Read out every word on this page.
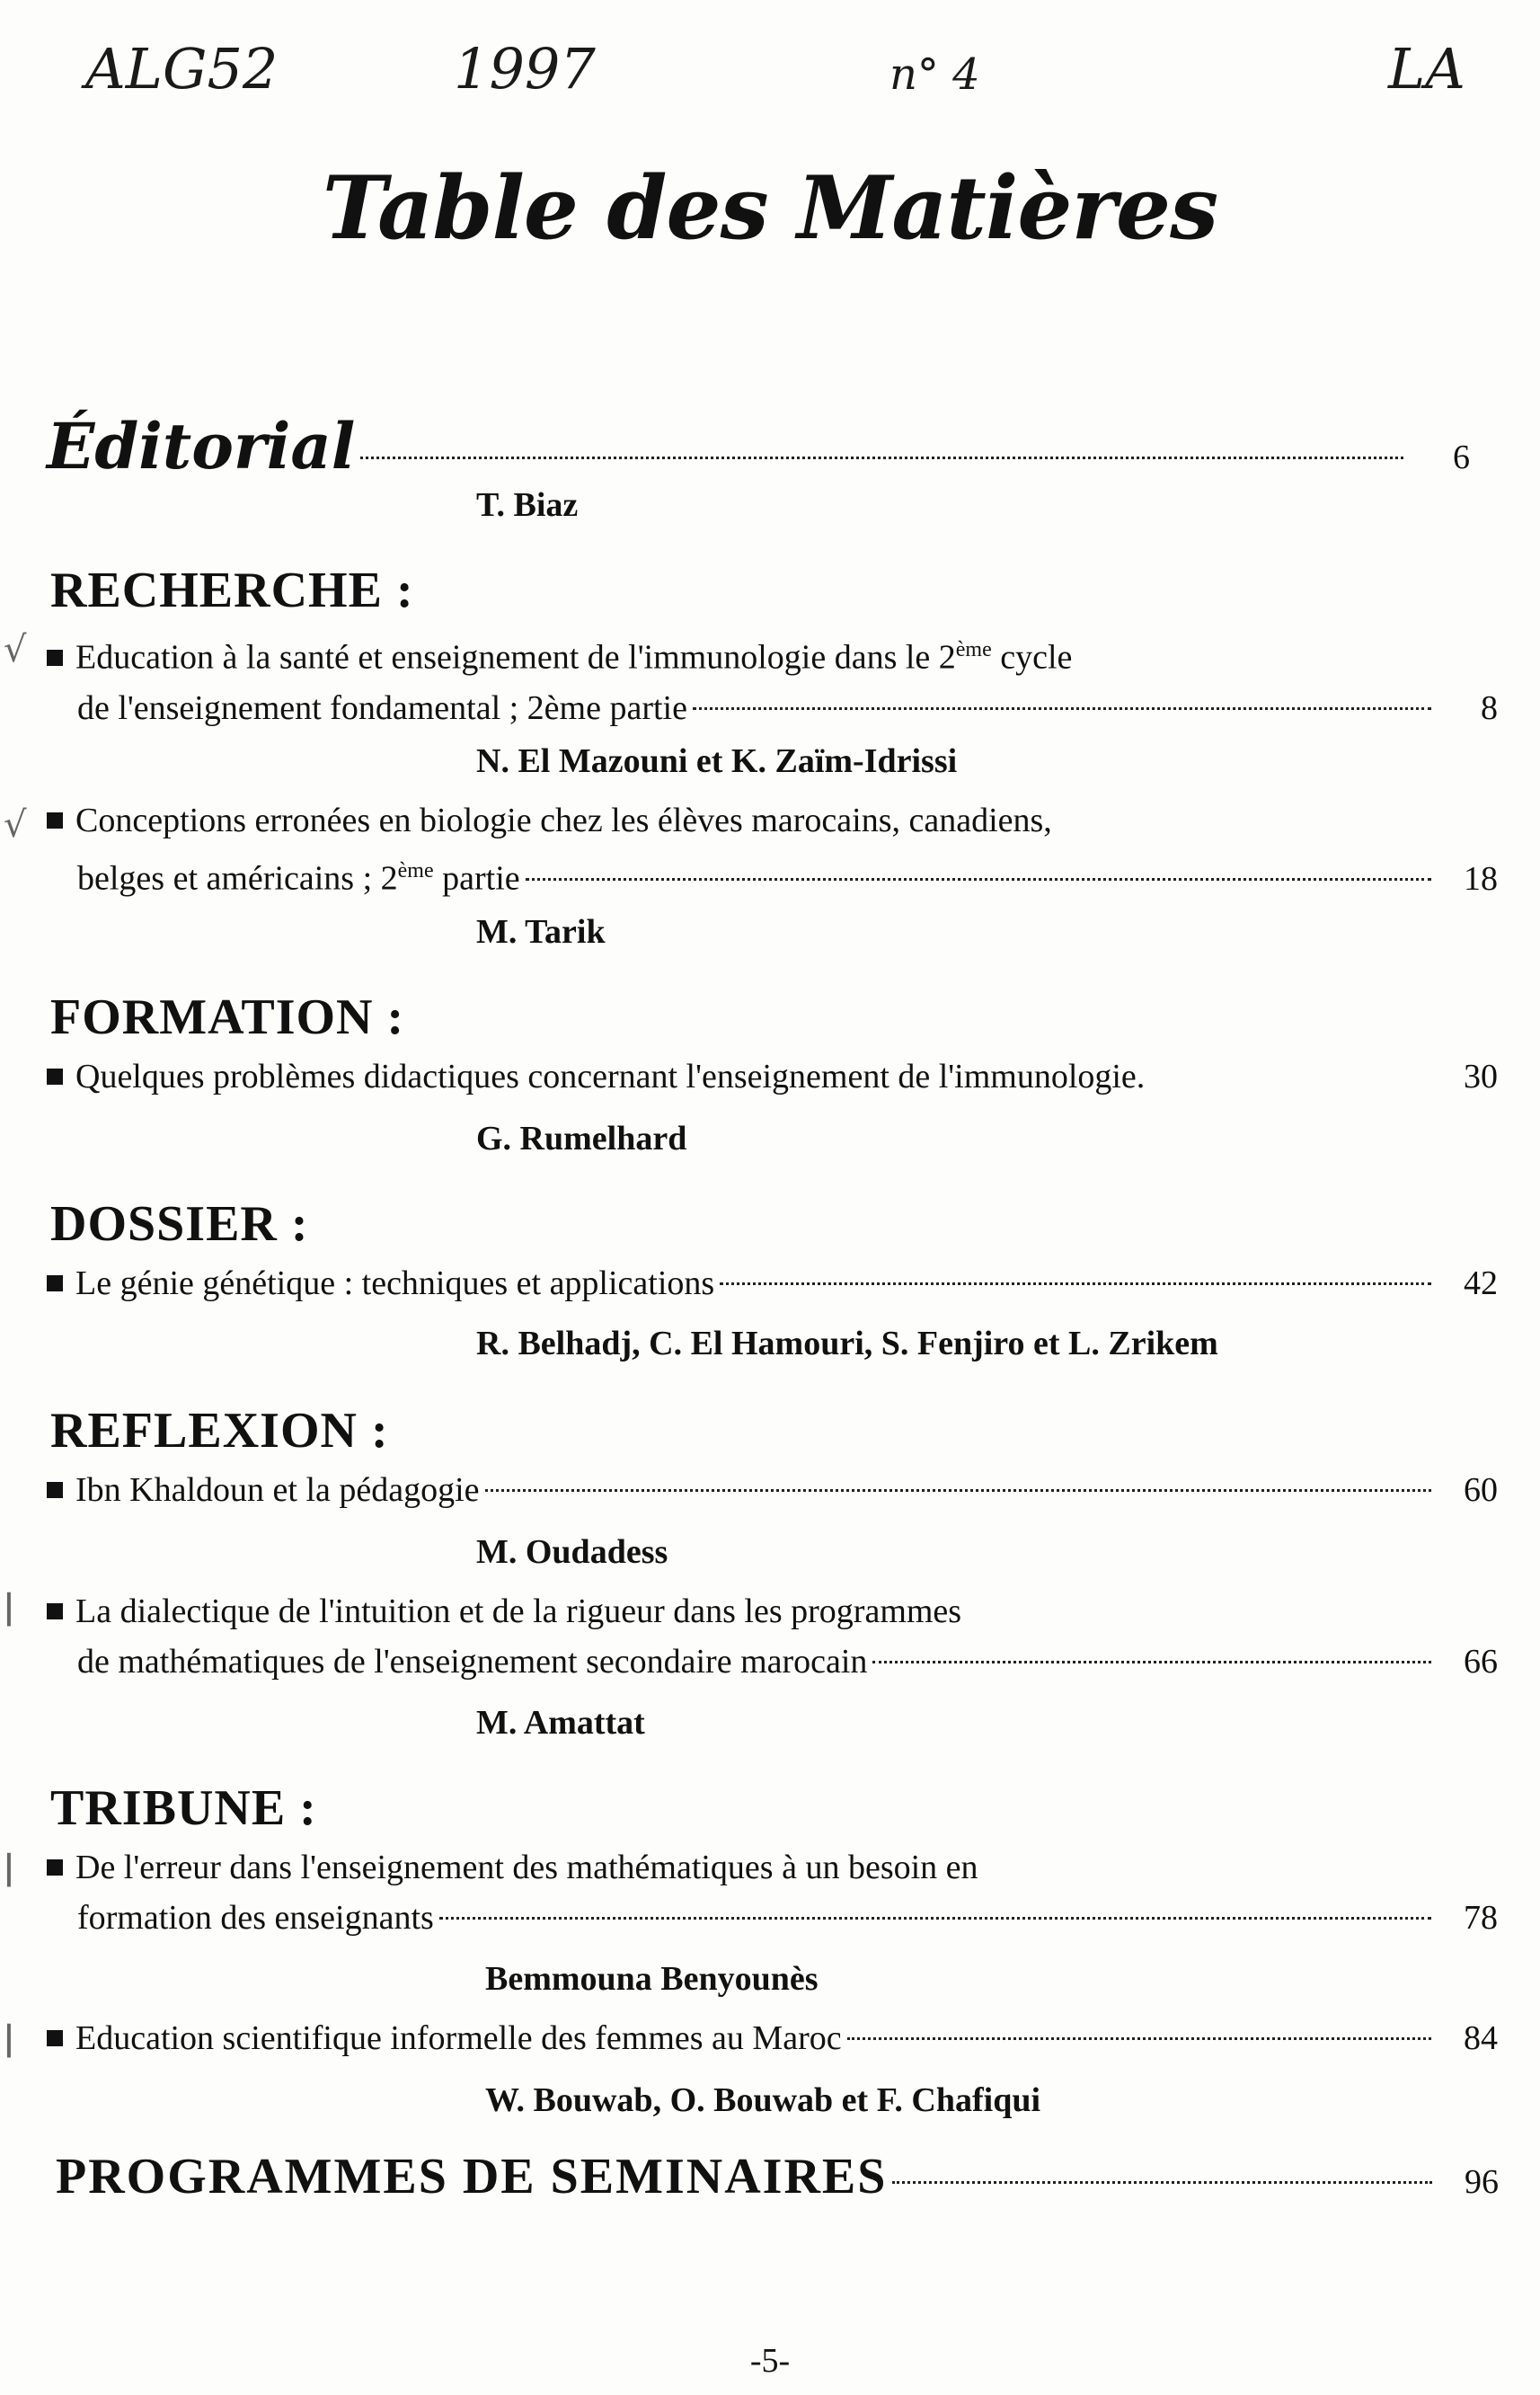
ALG52	1997	n° 4	LA
√
√
ǀ
ǀ
ǀ
Table des Matières
Éditorial	6
T. Biaz
RECHERCHE :
Education à la santé et enseignement de l'immunologie dans le 2ème cycle
de l'enseignement fondamental ; 2ème partie	8
N. El Mazouni et K. Zaïm-Idrissi
Conceptions erronées en biologie chez les élèves marocains, canadiens,
belges et américains ; 2ème partie	18
M. Tarik
FORMATION :
Quelques problèmes didactiques concernant l'enseignement de l'immunologie.	30
G. Rumelhard
DOSSIER :
Le génie génétique : techniques et applications	42
R. Belhadj, C. El Hamouri, S. Fenjiro et L. Zrikem
REFLEXION :
Ibn Khaldoun et la pédagogie	60
M. Oudadess
La dialectique de l'intuition et de la rigueur dans les programmes
de mathématiques de l'enseignement secondaire marocain	66
M. Amattat
TRIBUNE :
De l'erreur dans l'enseignement des mathématiques à un besoin en
formation des enseignants	78
Bemmouna Benyounès
Education scientifique informelle des femmes au Maroc	84
W. Bouwab, O. Bouwab et F. Chafiqui
PROGRAMMES DE SEMINAIRES	96
-5-
